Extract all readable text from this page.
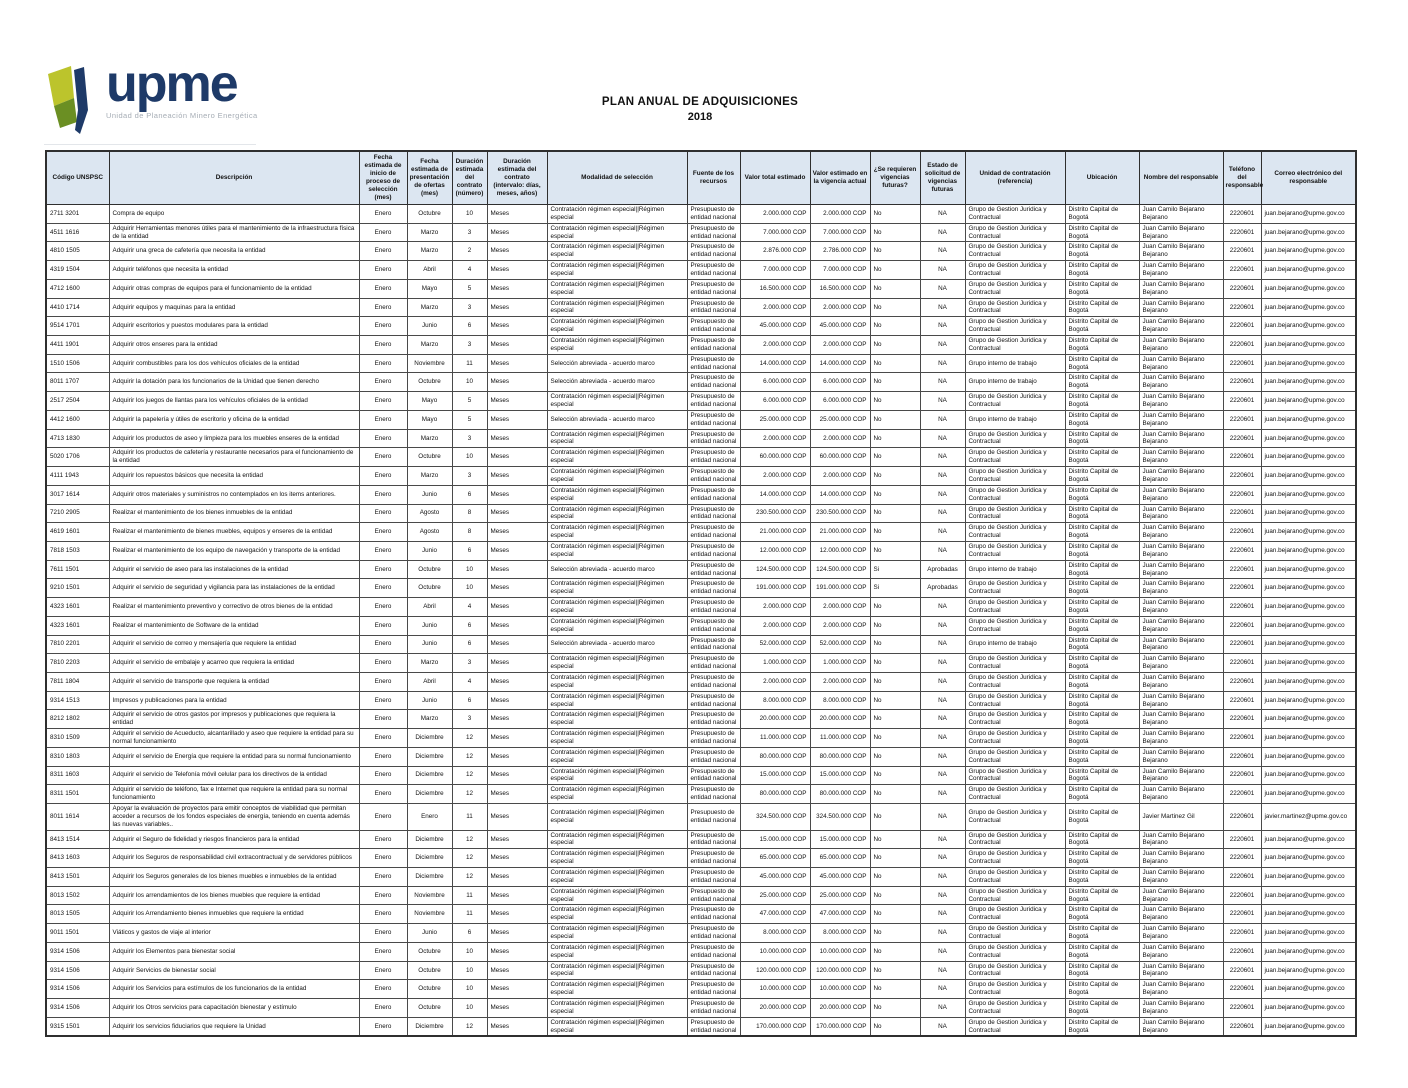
upme
Unidad de Planeación Minero Energética
PLAN ANUAL DE ADQUISICIONES
2018
Código UNSPSC	Descripción	Fecha estimada de inicio de proceso de selección (mes)	Fecha estimada de presentación de ofertas (mes)	Duración estimada del contrato (número)	Duración estimada del contrato (intervalo: días, meses, años)	Modalidad de selección	Fuente de los recursos	Valor total estimado	Valor estimado en la vigencia actual	¿Se requieren vigencias futuras?	Estado de solicitud de vigencias futuras	Unidad de contratación (referencia)	Ubicación	Nombre del responsable	Teléfono del responsable	Correo electrónico del responsable
2711 3201	Compra de equipo	Enero	Octubre	10	Meses	Contratación régimen especial||Régimen especial	Presupuesto de entidad nacional	2.000.000 COP	2.000.000 COP	No	NA	Grupo de Gestion Juridica y Contractual	Distrito Capital de Bogotá	Juan Camilo Bejarano Bejarano	2220601	juan.bejarano@upme.gov.co
4511 1616	Adquirir Herramientas menores útiles para el mantenimiento de la infraestructura física de la entidad	Enero	Marzo	3	Meses	Contratación régimen especial||Régimen especial	Presupuesto de entidad nacional	7.000.000 COP	7.000.000 COP	No	NA	Grupo de Gestion Juridica y Contractual	Distrito Capital de Bogotá	Juan Camilo Bejarano Bejarano	2220601	juan.bejarano@upme.gov.co
4810 1505	Adquirir una greca de cafetería que necesita la entidad	Enero	Marzo	2	Meses	Contratación régimen especial||Régimen especial	Presupuesto de entidad nacional	2.876.000 COP	2.786.000 COP	No	NA	Grupo de Gestion Juridica y Contractual	Distrito Capital de Bogotá	Juan Camilo Bejarano Bejarano	2220601	juan.bejarano@upme.gov.co
4319 1504	Adquirir teléfonos que necesita la entidad	Enero	Abril	4	Meses	Contratación régimen especial||Régimen especial	Presupuesto de entidad nacional	7.000.000 COP	7.000.000 COP	No	NA	Grupo de Gestion Juridica y Contractual	Distrito Capital de Bogotá	Juan Camilo Bejarano Bejarano	2220601	juan.bejarano@upme.gov.co
4712 1600	Adquirir otras compras de equipos para el funcionamiento de la entidad	Enero	Mayo	5	Meses	Contratación régimen especial||Régimen especial	Presupuesto de entidad nacional	16.500.000 COP	16.500.000 COP	No	NA	Grupo de Gestion Juridica y Contractual	Distrito Capital de Bogotá	Juan Camilo Bejarano Bejarano	2220601	juan.bejarano@upme.gov.co
4410 1714	Adquirir equipos y maquinas para la entidad	Enero	Marzo	3	Meses	Contratación régimen especial||Régimen especial	Presupuesto de entidad nacional	2.000.000 COP	2.000.000 COP	No	NA	Grupo de Gestion Juridica y Contractual	Distrito Capital de Bogotá	Juan Camilo Bejarano Bejarano	2220601	juan.bejarano@upme.gov.co
9514 1701	Adquirir escritorios y puestos modulares para la entidad	Enero	Junio	6	Meses	Contratación régimen especial||Régimen especial	Presupuesto de entidad nacional	45.000.000 COP	45.000.000 COP	No	NA	Grupo de Gestion Juridica y Contractual	Distrito Capital de Bogotá	Juan Camilo Bejarano Bejarano	2220601	juan.bejarano@upme.gov.co
4411 1901	Adquirir otros enseres para la entidad	Enero	Marzo	3	Meses	Contratación régimen especial||Régimen especial	Presupuesto de entidad nacional	2.000.000 COP	2.000.000 COP	No	NA	Grupo de Gestion Juridica y Contractual	Distrito Capital de Bogotá	Juan Camilo Bejarano Bejarano	2220601	juan.bejarano@upme.gov.co
1510 1506	Adquirir combustibles para los dos vehículos oficiales de la entidad	Enero	Noviembre	11	Meses	Selección abreviada - acuerdo marco	Presupuesto de entidad nacional	14.000.000 COP	14.000.000 COP	No	NA	Grupo interno de trabajo	Distrito Capital de Bogotá	Juan Camilo Bejarano Bejarano	2220601	juan.bejarano@upme.gov.co
8011 1707	Adquirir la dotación para los funcionarios de la Unidad que tienen derecho	Enero	Octubre	10	Meses	Selección abreviada - acuerdo marco	Presupuesto de entidad nacional	6.000.000 COP	6.000.000 COP	No	NA	Grupo interno de trabajo	Distrito Capital de Bogotá	Juan Camilo Bejarano Bejarano	2220601	juan.bejarano@upme.gov.co
2517 2504	Adquirir los juegos de llantas para los vehículos oficiales de la entidad	Enero	Mayo	5	Meses	Contratación régimen especial||Régimen especial	Presupuesto de entidad nacional	6.000.000 COP	6.000.000 COP	No	NA	Grupo de Gestion Juridica y Contractual	Distrito Capital de Bogotá	Juan Camilo Bejarano Bejarano	2220601	juan.bejarano@upme.gov.co
4412 1600	Adquirir la papelería y útiles de escritorio y oficina de la entidad	Enero	Mayo	5	Meses	Selección abreviada - acuerdo marco	Presupuesto de entidad nacional	25.000.000 COP	25.000.000 COP	No	NA	Grupo interno de trabajo	Distrito Capital de Bogotá	Juan Camilo Bejarano Bejarano	2220601	juan.bejarano@upme.gov.co
4713 1830	Adquirir los productos de aseo y limpieza para los muebles enseres de la entidad	Enero	Marzo	3	Meses	Contratación régimen especial||Régimen especial	Presupuesto de entidad nacional	2.000.000 COP	2.000.000 COP	No	NA	Grupo de Gestion Juridica y Contractual	Distrito Capital de Bogotá	Juan Camilo Bejarano Bejarano	2220601	juan.bejarano@upme.gov.co
5020 1706	Adquirir los productos de cafetería y restaurante necesarios para el funcionamiento de la entidad	Enero	Octubre	10	Meses	Contratación régimen especial||Régimen especial	Presupuesto de entidad nacional	60.000.000 COP	60.000.000 COP	No	NA	Grupo de Gestion Juridica y Contractual	Distrito Capital de Bogotá	Juan Camilo Bejarano Bejarano	2220601	juan.bejarano@upme.gov.co
4111 1943	Adquirir los repuestos básicos que necesita la entidad	Enero	Marzo	3	Meses	Contratación régimen especial||Régimen especial	Presupuesto de entidad nacional	2.000.000 COP	2.000.000 COP	No	NA	Grupo de Gestion Juridica y Contractual	Distrito Capital de Bogotá	Juan Camilo Bejarano Bejarano	2220601	juan.bejarano@upme.gov.co
3017 1614	Adquirir otros materiales y suministros no contemplados en los items anteriores.	Enero	Junio	6	Meses	Contratación régimen especial||Régimen especial	Presupuesto de entidad nacional	14.000.000 COP	14.000.000 COP	No	NA	Grupo de Gestion Juridica y Contractual	Distrito Capital de Bogotá	Juan Camilo Bejarano Bejarano	2220601	juan.bejarano@upme.gov.co
7210 2905	Realizar el mantenimiento de los bienes inmuebles de la entidad	Enero	Agosto	8	Meses	Contratación régimen especial||Régimen especial	Presupuesto de entidad nacional	230.500.000 COP	230.500.000 COP	No	NA	Grupo de Gestion Juridica y Contractual	Distrito Capital de Bogotá	Juan Camilo Bejarano Bejarano	2220601	juan.bejarano@upme.gov.co
4619 1601	Realizar el mantenimiento de bienes muebles, equipos y enseres de la entidad	Enero	Agosto	8	Meses	Contratación régimen especial||Régimen especial	Presupuesto de entidad nacional	21.000.000 COP	21.000.000 COP	No	NA	Grupo de Gestion Juridica y Contractual	Distrito Capital de Bogotá	Juan Camilo Bejarano Bejarano	2220601	juan.bejarano@upme.gov.co
7818 1503	Realizar el mantenimiento de los equipo de navegación y transporte de la entidad	Enero	Junio	6	Meses	Contratación régimen especial||Régimen especial	Presupuesto de entidad nacional	12.000.000 COP	12.000.000 COP	No	NA	Grupo de Gestion Juridica y Contractual	Distrito Capital de Bogotá	Juan Camilo Bejarano Bejarano	2220601	juan.bejarano@upme.gov.co
7611 1501	Adquirir el servicio de aseo para las instalaciones de la entidad	Enero	Octubre	10	Meses	Selección abreviada - acuerdo marco	Presupuesto de entidad nacional	124.500.000 COP	124.500.000 COP	Si	Aprobadas	Grupo interno de trabajo	Distrito Capital de Bogotá	Juan Camilo Bejarano Bejarano	2220601	juan.bejarano@upme.gov.co
9210 1501	Adquirir el servicio de seguridad y vigilancia para las instalaciones de la entidad	Enero	Octubre	10	Meses	Contratación régimen especial||Régimen especial	Presupuesto de entidad nacional	191.000.000 COP	191.000.000 COP	Si	Aprobadas	Grupo de Gestion Juridica y Contractual	Distrito Capital de Bogotá	Juan Camilo Bejarano Bejarano	2220601	juan.bejarano@upme.gov.co
4323 1601	Realizar el mantenimiento preventivo y correctivo de otros bienes de la entidad	Enero	Abril	4	Meses	Contratación régimen especial||Régimen especial	Presupuesto de entidad nacional	2.000.000 COP	2.000.000 COP	No	NA	Grupo de Gestion Juridica y Contractual	Distrito Capital de Bogotá	Juan Camilo Bejarano Bejarano	2220601	juan.bejarano@upme.gov.co
4323 1601	Realizar el mantenimiento de Software de la entidad	Enero	Junio	6	Meses	Contratación régimen especial||Régimen especial	Presupuesto de entidad nacional	2.000.000 COP	2.000.000 COP	No	NA	Grupo de Gestion Juridica y Contractual	Distrito Capital de Bogotá	Juan Camilo Bejarano Bejarano	2220601	juan.bejarano@upme.gov.co
7810 2201	Adquirir el servicio de correo y mensajería que requiere la entidad	Enero	Junio	6	Meses	Selección abreviada - acuerdo marco	Presupuesto de entidad nacional	52.000.000 COP	52.000.000 COP	No	NA	Grupo interno de trabajo	Distrito Capital de Bogotá	Juan Camilo Bejarano Bejarano	2220601	juan.bejarano@upme.gov.co
7810 2203	Adquirir el servicio de embalaje y acarreo que requiera la entidad	Enero	Marzo	3	Meses	Contratación régimen especial||Régimen especial	Presupuesto de entidad nacional	1.000.000 COP	1.000.000 COP	No	NA	Grupo de Gestion Juridica y Contractual	Distrito Capital de Bogotá	Juan Camilo Bejarano Bejarano	2220601	juan.bejarano@upme.gov.co
7811 1804	Adquirir el servicio de transporte que requiera la entidad	Enero	Abril	4	Meses	Contratación régimen especial||Régimen especial	Presupuesto de entidad nacional	2.000.000 COP	2.000.000 COP	No	NA	Grupo de Gestion Juridica y Contractual	Distrito Capital de Bogotá	Juan Camilo Bejarano Bejarano	2220601	juan.bejarano@upme.gov.co
9314 1513	Impresos y publicaciones para la entidad	Enero	Junio	6	Meses	Contratación régimen especial||Régimen especial	Presupuesto de entidad nacional	8.000.000 COP	8.000.000 COP	No	NA	Grupo de Gestion Juridica y Contractual	Distrito Capital de Bogotá	Juan Camilo Bejarano Bejarano	2220601	juan.bejarano@upme.gov.co
8212 1802	Adquirir el servicio de otros gastos por impresos y publicaciones que requiera la entidad	Enero	Marzo	3	Meses	Contratación régimen especial||Régimen especial	Presupuesto de entidad nacional	20.000.000 COP	20.000.000 COP	No	NA	Grupo de Gestion Juridica y Contractual	Distrito Capital de Bogotá	Juan Camilo Bejarano Bejarano	2220601	juan.bejarano@upme.gov.co
8310 1509	Adquirir el servicio de Acueducto, alcantarillado y aseo que requiere la entidad para su normal funcionamiento	Enero	Diciembre	12	Meses	Contratación régimen especial||Régimen especial	Presupuesto de entidad nacional	11.000.000 COP	11.000.000 COP	No	NA	Grupo de Gestion Juridica y Contractual	Distrito Capital de Bogotá	Juan Camilo Bejarano Bejarano	2220601	juan.bejarano@upme.gov.co
8310 1803	Adquirir el servicio de Energía que requiere la entidad para su normal funcionamiento	Enero	Diciembre	12	Meses	Contratación régimen especial||Régimen especial	Presupuesto de entidad nacional	80.000.000 COP	80.000.000 COP	No	NA	Grupo de Gestion Juridica y Contractual	Distrito Capital de Bogotá	Juan Camilo Bejarano Bejarano	2220601	juan.bejarano@upme.gov.co
8311 1603	Adquirir el servicio de Telefonía móvil celular para los directivos de la entidad	Enero	Diciembre	12	Meses	Contratación régimen especial||Régimen especial	Presupuesto de entidad nacional	15.000.000 COP	15.000.000 COP	No	NA	Grupo de Gestion Juridica y Contractual	Distrito Capital de Bogotá	Juan Camilo Bejarano Bejarano	2220601	juan.bejarano@upme.gov.co
8311 1501	Adquirir el servicio de teléfono, fax e Internet que requiere la entidad para su normal funcionamiento	Enero	Diciembre	12	Meses	Contratación régimen especial||Régimen especial	Presupuesto de entidad nacional	80.000.000 COP	80.000.000 COP	No	NA	Grupo de Gestion Juridica y Contractual	Distrito Capital de Bogotá	Juan Camilo Bejarano Bejarano	2220601	juan.bejarano@upme.gov.co
8011 1614	Apoyar la evaluación de proyectos para emitir conceptos de viabilidad que permitan acceder a recursos de los fondos especiales de energía, teniendo en cuenta además las nuevas variables..	Enero	Enero	11	Meses	Contratación régimen especial||Régimen especial	Presupuesto de entidad nacional	324.500.000 COP	324.500.000 COP	No	NA	Grupo de Gestion Juridica y Contractual	Distrito Capital de Bogotá	Javier Martinez Gil	2220601	javier.martinez@upme.gov.co
8413 1514	Adquirir el Seguro de fidelidad y riesgos financieros para la entidad	Enero	Diciembre	12	Meses	Contratación régimen especial||Régimen especial	Presupuesto de entidad nacional	15.000.000 COP	15.000.000 COP	No	NA	Grupo de Gestion Juridica y Contractual	Distrito Capital de Bogotá	Juan Camilo Bejarano Bejarano	2220601	juan.bejarano@upme.gov.co
8413 1603	Adquirir los Seguros de responsabilidad civil extracontractual y de servidores públicos	Enero	Diciembre	12	Meses	Contratación régimen especial||Régimen especial	Presupuesto de entidad nacional	65.000.000 COP	65.000.000 COP	No	NA	Grupo de Gestion Juridica y Contractual	Distrito Capital de Bogotá	Juan Camilo Bejarano Bejarano	2220601	juan.bejarano@upme.gov.co
8413 1501	Adquirir los Seguros generales de los bienes muebles e inmuebles de la entidad	Enero	Diciembre	12	Meses	Contratación régimen especial||Régimen especial	Presupuesto de entidad nacional	45.000.000 COP	45.000.000 COP	No	NA	Grupo de Gestion Juridica y Contractual	Distrito Capital de Bogotá	Juan Camilo Bejarano Bejarano	2220601	juan.bejarano@upme.gov.co
8013 1502	Adquirir los arrendamientos de los bienes muebles que requiere la entidad	Enero	Noviembre	11	Meses	Contratación régimen especial||Régimen especial	Presupuesto de entidad nacional	25.000.000 COP	25.000.000 COP	No	NA	Grupo de Gestion Juridica y Contractual	Distrito Capital de Bogotá	Juan Camilo Bejarano Bejarano	2220601	juan.bejarano@upme.gov.co
8013 1505	Adquirir los Arrendamiento bienes inmuebles que requiere la entidad	Enero	Noviembre	11	Meses	Contratación régimen especial||Régimen especial	Presupuesto de entidad nacional	47.000.000 COP	47.000.000 COP	No	NA	Grupo de Gestion Juridica y Contractual	Distrito Capital de Bogotá	Juan Camilo Bejarano Bejarano	2220601	juan.bejarano@upme.gov.co
9011 1501	Viáticos y gastos de viaje al interior	Enero	Junio	6	Meses	Contratación régimen especial||Régimen especial	Presupuesto de entidad nacional	8.000.000 COP	8.000.000 COP	No	NA	Grupo de Gestion Juridica y Contractual	Distrito Capital de Bogotá	Juan Camilo Bejarano Bejarano	2220601	juan.bejarano@upme.gov.co
9314 1506	Adquirir los Elementos para bienestar social	Enero	Octubre	10	Meses	Contratación régimen especial||Régimen especial	Presupuesto de entidad nacional	10.000.000 COP	10.000.000 COP	No	NA	Grupo de Gestion Juridica y Contractual	Distrito Capital de Bogotá	Juan Camilo Bejarano Bejarano	2220601	juan.bejarano@upme.gov.co
9314 1506	Adquirir Servicios de bienestar social	Enero	Octubre	10	Meses	Contratación régimen especial||Régimen especial	Presupuesto de entidad nacional	120.000.000 COP	120.000.000 COP	No	NA	Grupo de Gestion Juridica y Contractual	Distrito Capital de Bogotá	Juan Camilo Bejarano Bejarano	2220601	juan.bejarano@upme.gov.co
9314 1506	Adquirir los Servicios para estímulos de los funcionarios de la entidad	Enero	Octubre	10	Meses	Contratación régimen especial||Régimen especial	Presupuesto de entidad nacional	10.000.000 COP	10.000.000 COP	No	NA	Grupo de Gestion Juridica y Contractual	Distrito Capital de Bogotá	Juan Camilo Bejarano Bejarano	2220601	juan.bejarano@upme.gov.co
9314 1506	Adquirir los Otros servicios para capacitación bienestar y estímulo	Enero	Octubre	10	Meses	Contratación régimen especial||Régimen especial	Presupuesto de entidad nacional	20.000.000 COP	20.000.000 COP	No	NA	Grupo de Gestion Juridica y Contractual	Distrito Capital de Bogotá	Juan Camilo Bejarano Bejarano	2220601	juan.bejarano@upme.gov.co
9315 1501	Adquirir los servicios fiduciarios que requiere la Unidad	Enero	Diciembre	12	Meses	Contratación régimen especial||Régimen especial	Presupuesto de entidad nacional	170.000.000 COP	170.000.000 COP	No	NA	Grupo de Gestion Juridica y Contractual	Distrito Capital de Bogotá	Juan Camilo Bejarano Bejarano	2220601	juan.bejarano@upme.gov.co
